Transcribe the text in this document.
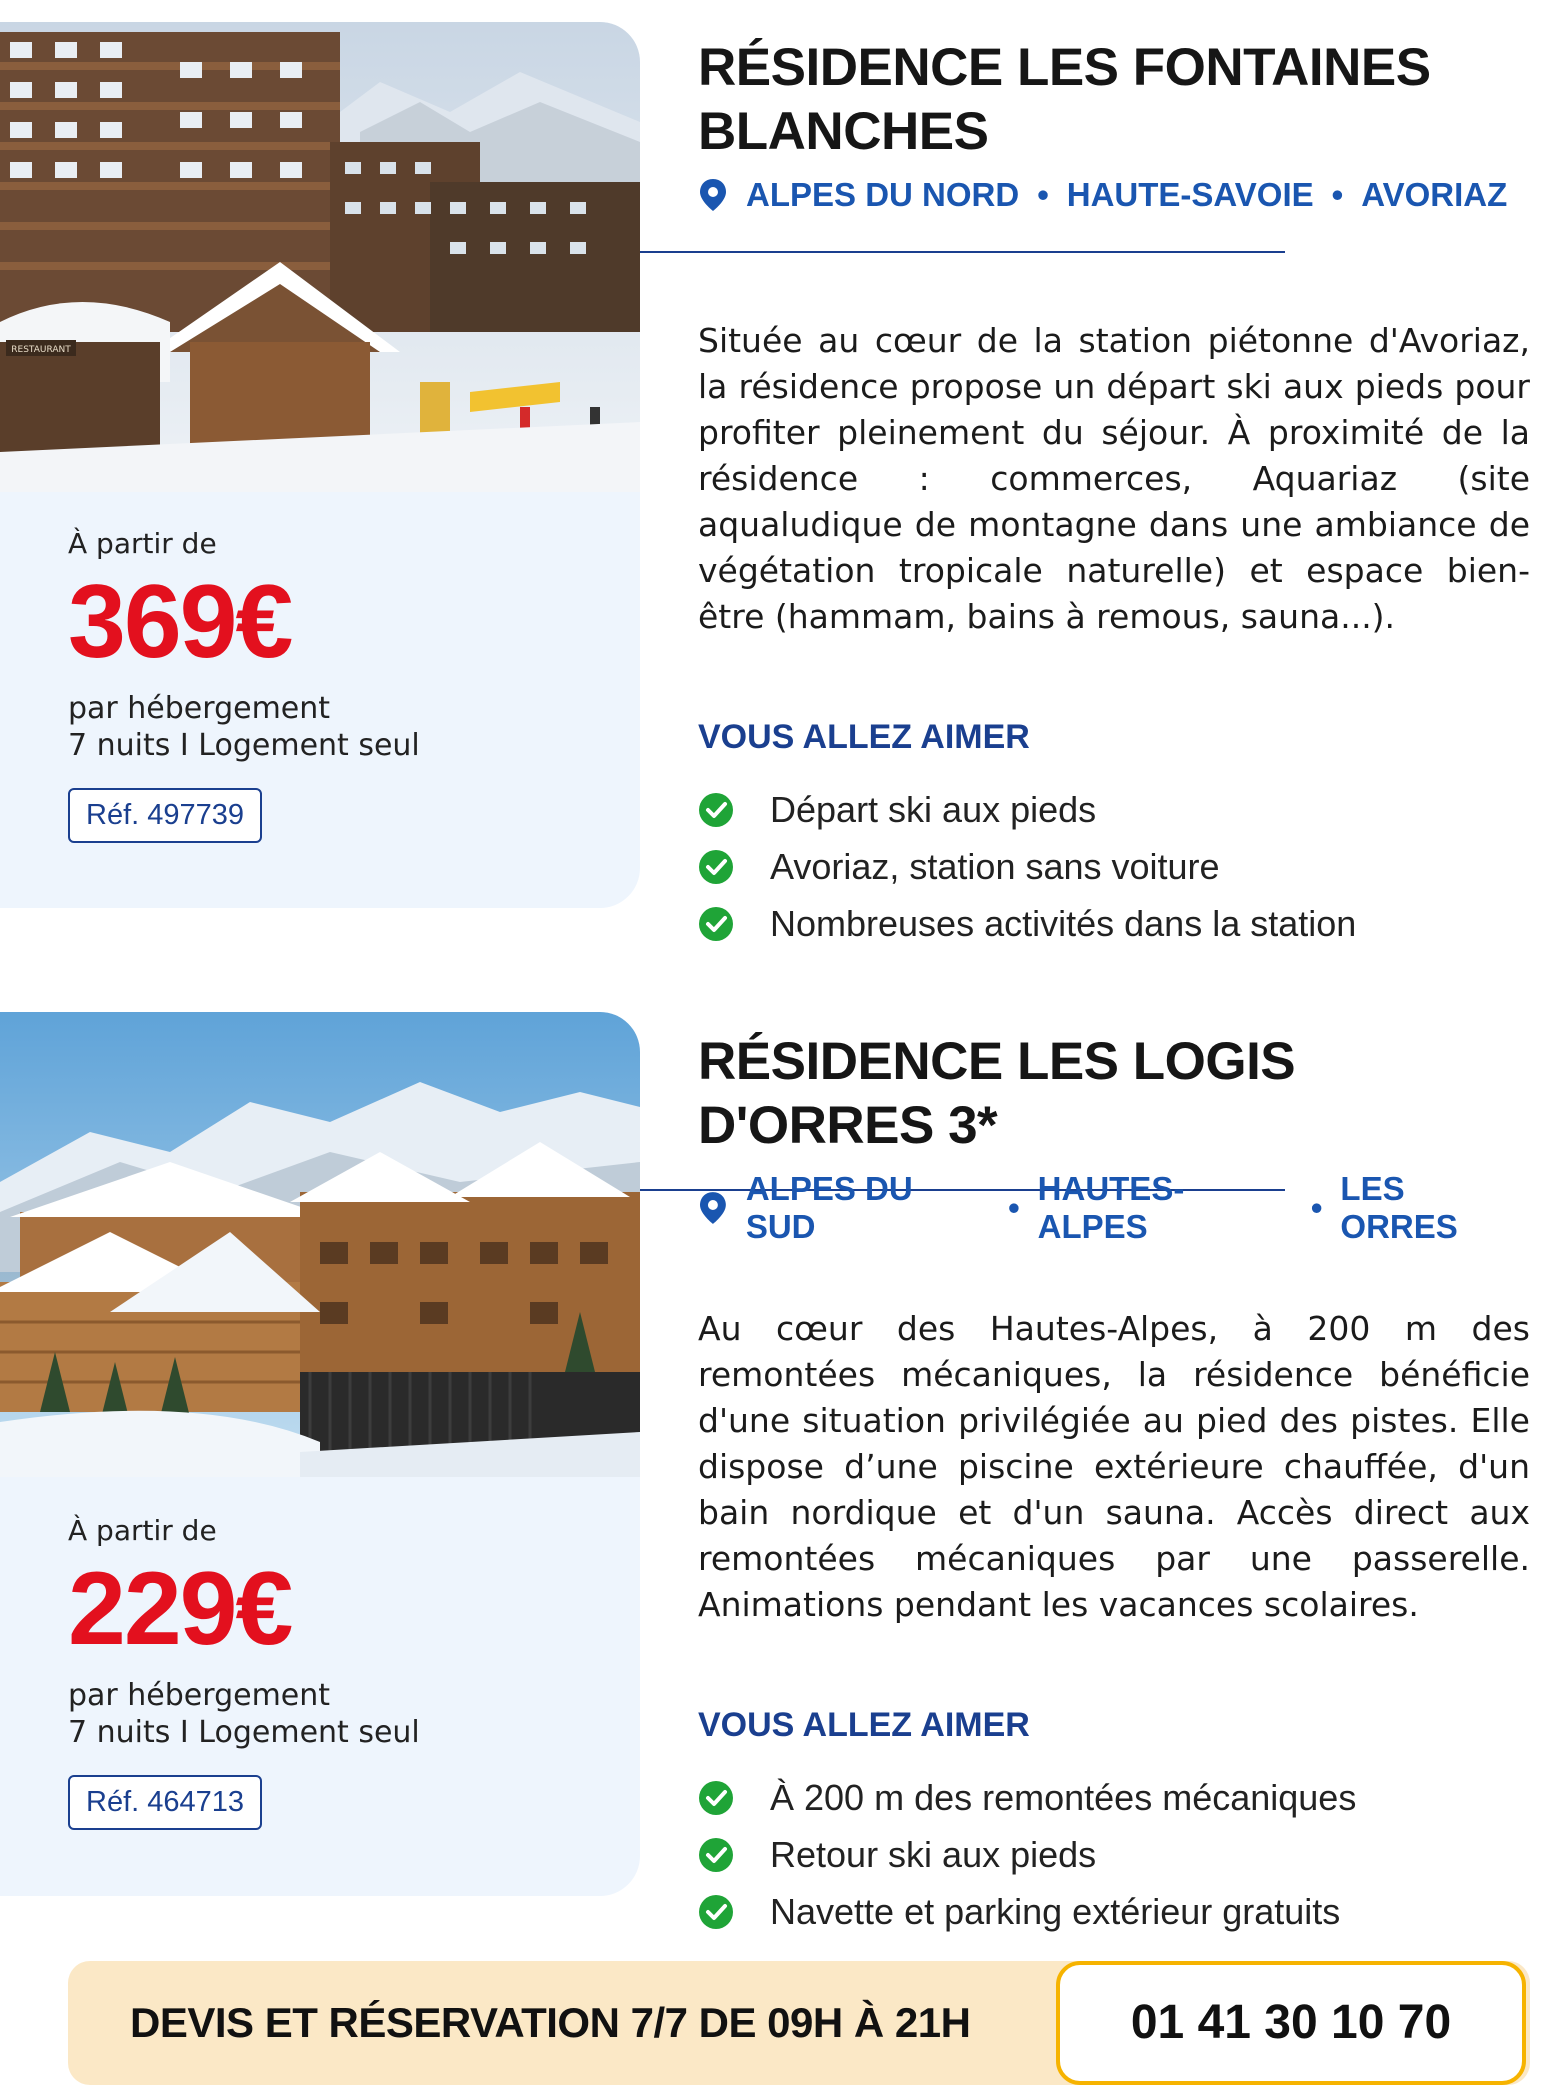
RESTAURANT
À partir de
369€
par hébergement
7 nuits I Logement seul
Réf. 497739
RÉSIDENCE LES FONTAINES BLANCHES
ALPES DU NORD • HAUTE-SAVOIE • AVORIAZ

Située au cœur de la station piétonne d'Avoriaz, la résidence propose un départ ski aux pieds pour profiter pleinement du séjour. À proximité de la résidence : commerces, Aquariaz (site aqualudique de montagne dans une ambiance de végétation tropicale naturelle) et espace bien-être (hammam, bains à remous, sauna...).

VOUS ALLEZ AIMER
Départ ski aux pieds
Avoriaz, station sans voiture
Nombreuses activités dans la station
À partir de
229€
par hébergement
7 nuits I Logement seul
Réf. 464713
RÉSIDENCE LES LOGIS D'ORRES 3*
ALPES DU SUD
•
HAUTES-ALPES
•
LES ORRES

Au cœur des Hautes-Alpes, à 200 m des remontées mécaniques, la résidence bénéficie d'une situation privilégiée au pied des pistes. Elle dispose d’une piscine extérieure chauffée, d'un bain nordique et d'un sauna. Accès direct aux remontées mécaniques par une passerelle. Animations pendant les vacances scolaires.

VOUS ALLEZ AIMER
À 200 m des remontées mécaniques
Retour ski aux pieds
Navette et parking extérieur gratuits
DEVIS ET RÉSERVATION 7/7 DE 09H À 21H	01 41 30 10 70
